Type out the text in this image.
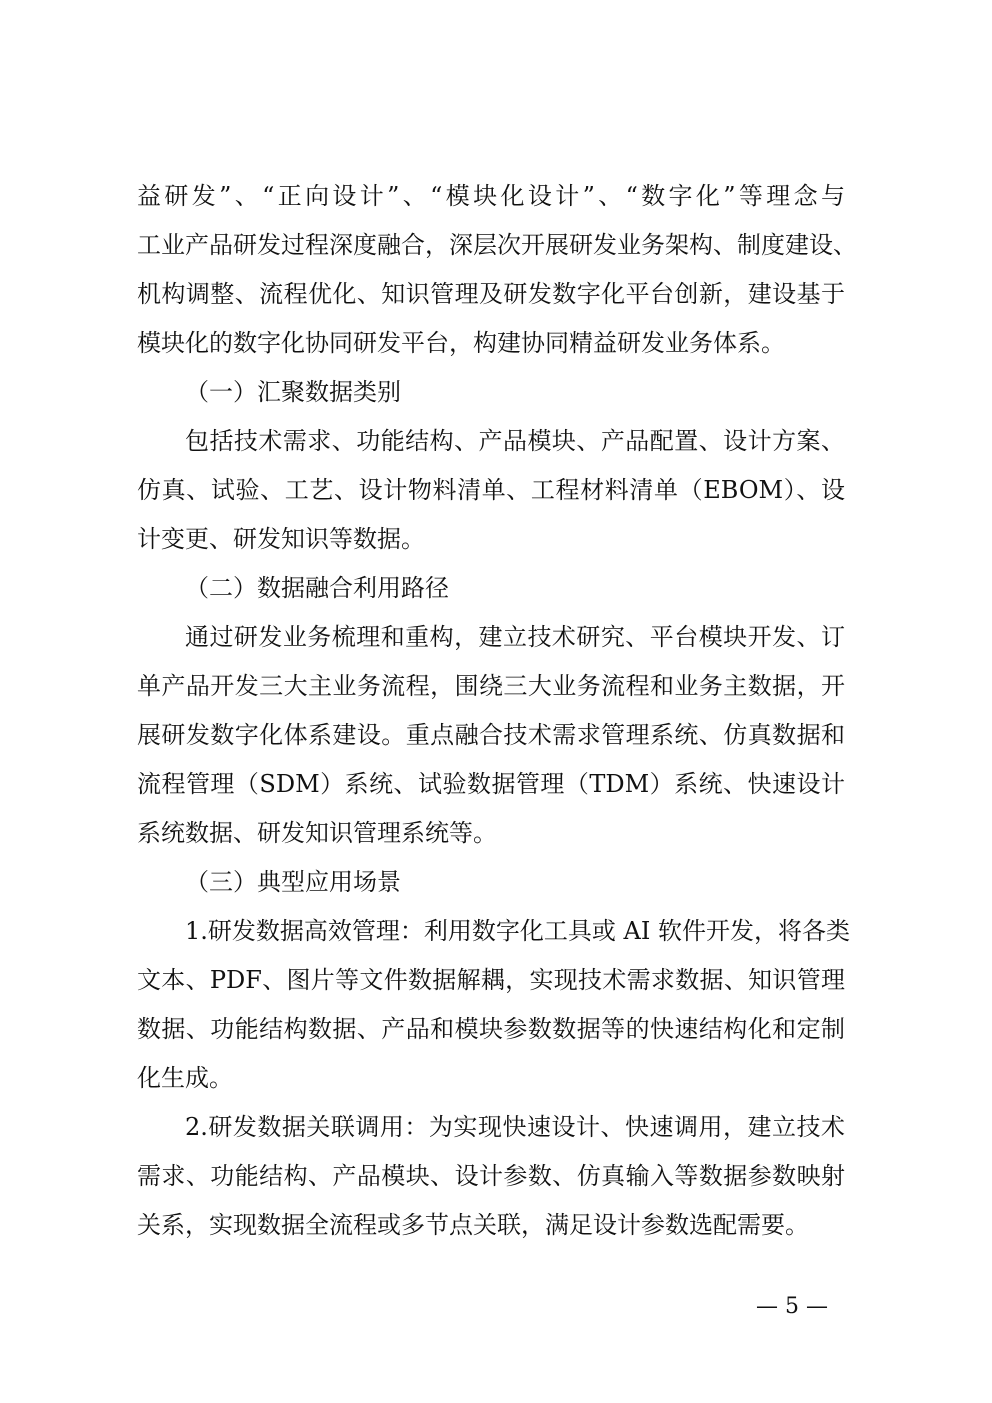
益研发”、“正向设计”、“模块化设计”、“数字化”等理念与
工业产品研发过程深度融合，深层次开展研发业务架构、制度建设、
机构调整、流程优化、知识管理及研发数字化平台创新，建设基于
模块化的数字化协同研发平台，构建协同精益研发业务体系。
（一）汇聚数据类别
包括技术需求、功能结构、产品模块、产品配置、设计方案、
仿真、试验、工艺、设计物料清单、工程材料清单（EBOM）、设
计变更、研发知识等数据。
（二）数据融合利用路径
通过研发业务梳理和重构，建立技术研究、平台模块开发、订
单产品开发三大主业务流程，围绕三大业务流程和业务主数据，开
展研发数字化体系建设。重点融合技术需求管理系统、仿真数据和
流程管理（SDM）系统、试验数据管理（TDM）系统、快速设计
系统数据、研发知识管理系统等。
（三）典型应用场景
1.研发数据高效管理：利用数字化工具或 AI 软件开发，将各类
文本、PDF、图片等文件数据解耦，实现技术需求数据、知识管理
数据、功能结构数据、产品和模块参数数据等的快速结构化和定制
化生成。
2.研发数据关联调用：为实现快速设计、快速调用，建立技术
需求、功能结构、产品模块、设计参数、仿真输入等数据参数映射
关系，实现数据全流程或多节点关联，满足设计参数选配需要。
— 5 —
